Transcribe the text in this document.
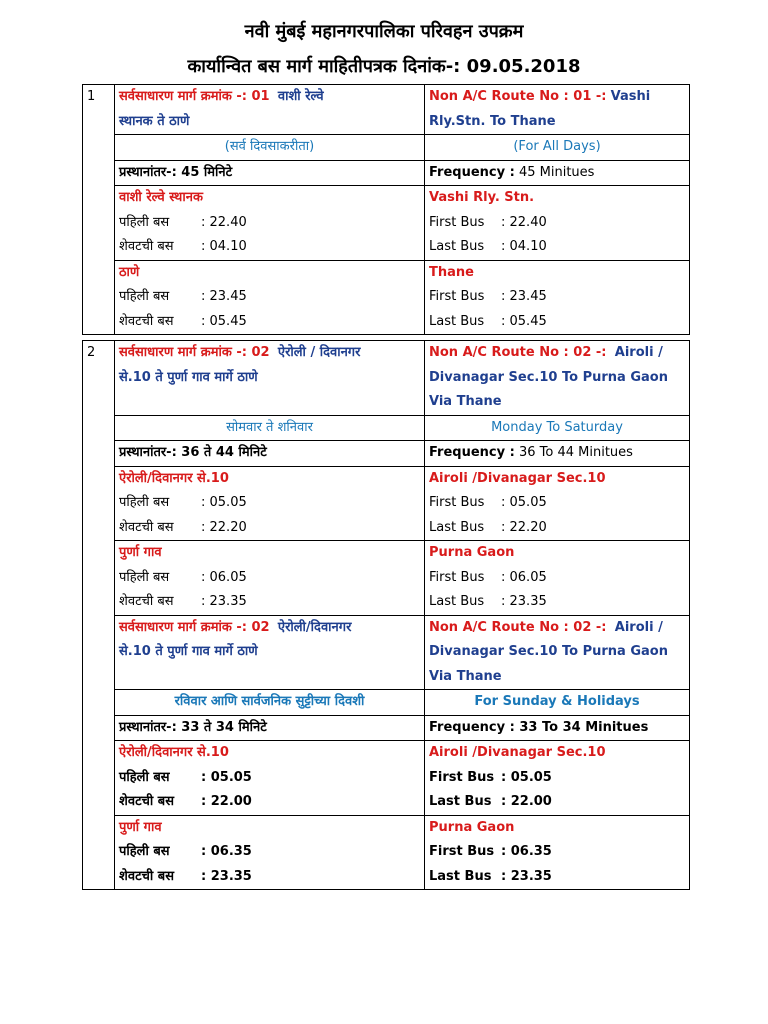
नवी मुंबई महानगरपालिका परिवहन उपक्रम
कार्यान्वित बस मार्ग माहितीपत्रक दिनांक-: 09.05.2018
1	सर्वसाधारण मार्ग क्रमांक -: 01 वाशी रेल्वे
स्थानक ते ठाणे	Non A/C Route No : 01 -: Vashi
Rly.Stn. To Thane

	(सर्व दिवसाकरीता)	(For All Days)
	प्रस्थानांतर-: 45 मिनिटे	Frequency : 45 Minitues

	वाशी रेल्वे स्थानक
पहिली बस : 22.40
शेवटची बस : 04.10	Vashi Rly. Stn.
First Bus : 22.40
Last Bus : 04.10

	ठाणे
पहिली बस : 23.45
शेवटची बस : 05.45	Thane
First Bus : 23.45
Last Bus : 05.45
2	सर्वसाधारण मार्ग क्रमांक -: 02 ऐरोली / दिवानगर
से.10 ते पुर्णा गाव मार्गे ठाणे	Non A/C Route No : 02 -: Airoli /
Divanagar Sec.10 To Purna Gaon
Via Thane

	सोमवार ते शनिवार	Monday To Saturday
	प्रस्थानांतर-: 36 ते 44 मिनिटे	Frequency : 36 To 44 Minitues

	ऐरोली/दिवानगर से.10
पहिली बस : 05.05
शेवटची बस : 22.20	Airoli /Divanagar Sec.10
First Bus : 05.05
Last Bus : 22.20

	पुर्णा गाव
पहिली बस : 06.05
शेवटची बस : 23.35	Purna Gaon
First Bus : 06.05
Last Bus : 23.35

	सर्वसाधारण मार्ग क्रमांक -: 02 ऐरोली/दिवानगर
से.10 ते पुर्णा गाव मार्गे ठाणे	Non A/C Route No : 02 -: Airoli /
Divanagar Sec.10 To Purna Gaon
Via Thane

	रविवार आणि सार्वजनिक सुट्टीच्या दिवशी	For Sunday & Holidays
	प्रस्थानांतर-: 33 ते 34 मिनिटे	Frequency : 33 To 34 Minitues

	ऐरोली/दिवानगर से.10
पहिली बस : 05.05
शेवटची बस : 22.00	Airoli /Divanagar Sec.10
First Bus : 05.05
Last Bus : 22.00

	पुर्णा गाव
पहिली बस : 06.35
शेवटची बस : 23.35	Purna Gaon
First Bus : 06.35
Last Bus : 23.35
